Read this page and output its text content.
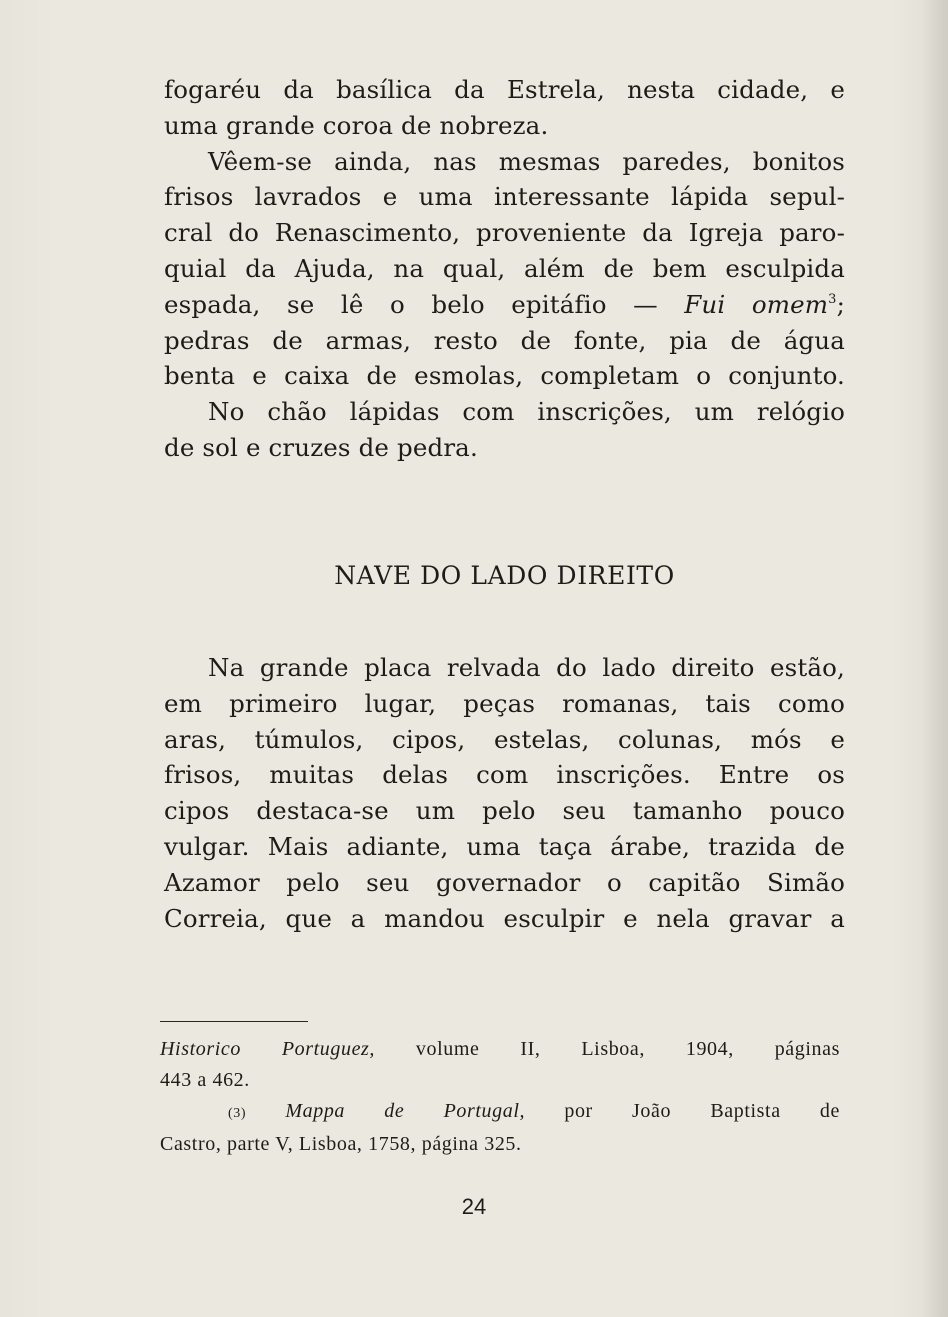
fogaréu da basílica da Estrela, nesta cidade, e
uma grande coroa de nobreza.
Vêem-se ainda, nas mesmas paredes, bonitos
frisos lavrados e uma interessante lápida sepul-
cral do Renascimento, proveniente da Igreja paro-
quial da Ajuda, na qual, além de bem esculpida
espada, se lê o belo epitáfio — Fui omem$^3$;
pedras de armas, resto de fonte, pia de água
benta e caixa de esmolas, completam o conjunto.
No chão lápidas com inscrições, um relógio
de sol e cruzes de pedra.
NAVE DO LADO DIREITO
Na grande placa relvada do lado direito estão,
em primeiro lugar, peças romanas, tais como
aras, túmulos, cipos, estelas, colunas, mós e
frisos, muitas delas com inscrições. Entre os
cipos destaca-se um pelo seu tamanho pouco
vulgar. Mais adiante, uma taça árabe, trazida de
Azamor pelo seu governador o capitão Simão
Correia, que a mandou esculpir e nela gravar a
Historico Portuguez, volume II, Lisboa, 1904, páginas
443 a 462.
(3) Mappa de Portugal, por João Baptista de
Castro, parte V, Lisboa, 1758, página 325.
24
